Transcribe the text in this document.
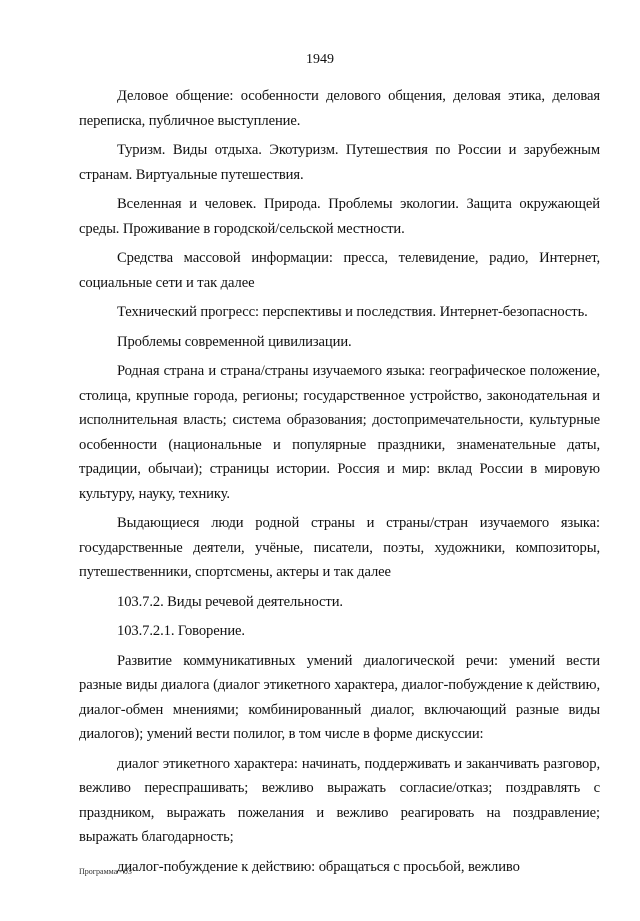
1949

Деловое общение: особенности делового общения, деловая этика, деловая переписка, публичное выступление.

Туризм. Виды отдыха. Экотуризм. Путешествия по России и зарубежным странам. Виртуальные путешествия.

Вселенная и человек. Природа. Проблемы экологии. Защита окружающей среды. Проживание в городской/сельской местности.

Средства массовой информации: пресса, телевидение, радио, Интернет, социальные сети и так далее

Технический прогресс: перспективы и последствия. Интернет-безопасность.

Проблемы современной цивилизации.

Родная страна и страна/страны изучаемого языка: географическое положение, столица, крупные города, регионы; государственное устройство, законодательная и исполнительная власть; система образования; достопримечательности, культурные особенности (национальные и популярные праздники, знаменательные даты, традиции, обычаи); страницы истории. Россия и мир: вклад России в мировую культуру, науку, технику.

Выдающиеся люди родной страны и страны/стран изучаемого языка: государственные деятели, учёные, писатели, поэты, художники, композиторы, путешественники, спортсмены, актеры и так далее

103.7.2. Виды речевой деятельности.

103.7.2.1. Говорение.

Развитие коммуникативных умений диалогической речи: умений вести разные виды диалога (диалог этикетного характера, диалог-побуждение к действию, диалог-обмен мнениями; комбинированный диалог, включающий разные виды диалогов); умений вести полилог, в том числе в форме дискуссии:

диалог этикетного характера: начинать, поддерживать и заканчивать разговор, вежливо переспрашивать; вежливо выражать согласие/отказ; поздравлять с праздником, выражать пожелания и вежливо реагировать на поздравление; выражать благодарность;

диалог-побуждение к действию: обращаться с просьбой, вежливо

Программа - 03
